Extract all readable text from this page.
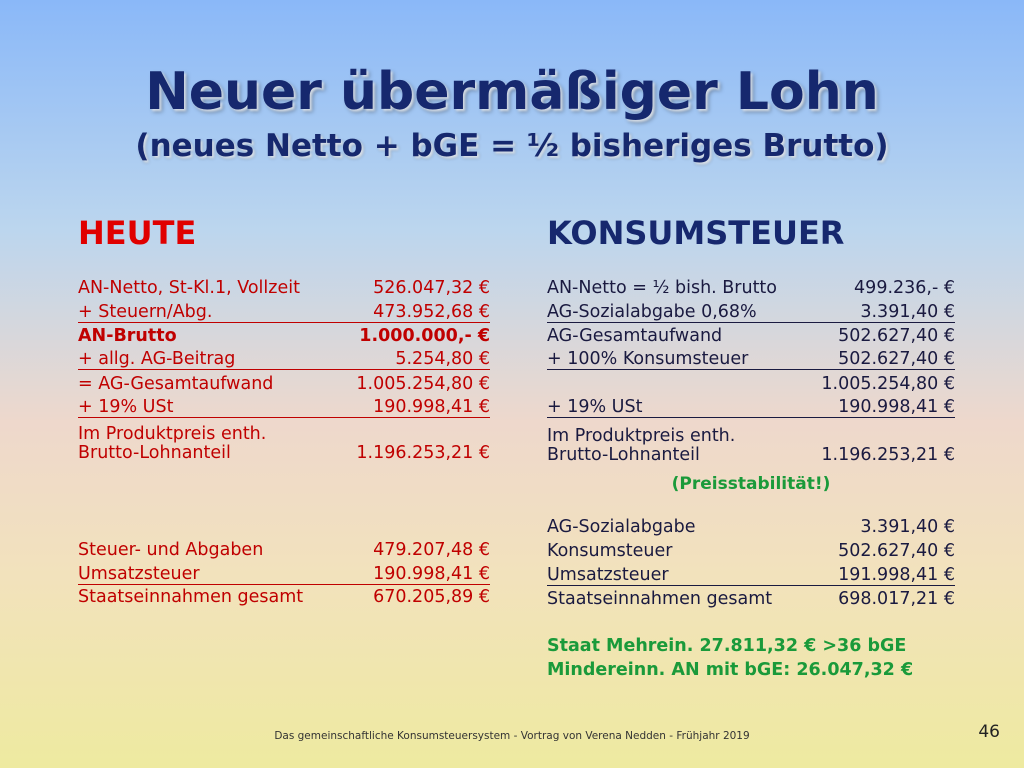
Neuer übermäßiger Lohn
(neues Netto + bGE = ½ bisheriges Brutto)
HEUTE	KONSUMSTEUER
AN-Netto, St-Kl.1, Vollzeit	526.047,32 €
+ Steuern/Abg.	473.952,68 €
AN-Brutto	1.000.000,- €
+ allg. AG-Beitrag	5.254,80 €
= AG-Gesamtaufwand	1.005.254,80 €
+ 19% USt	190.998,41 €
Im Produktpreis enth.
Brutto-Lohnanteil	1.196.253,21 €
Steuer- und Abgaben	479.207,48 €
Umsatzsteuer	190.998,41 €
Staatseinnahmen gesamt	670.205,89 €
AN-Netto = ½ bish. Brutto	499.236,- €
AG-Sozialabgabe 0,68%	3.391,40 €
AG-Gesamtaufwand	502.627,40 €
+ 100% Konsumsteuer	502.627,40 €
1.005.254,80 €
+ 19% USt	190.998,41 €
Im Produktpreis enth.
Brutto-Lohnanteil	1.196.253,21 €
(Preisstabilität!)
AG-Sozialabgabe	3.391,40 €
Konsumsteuer	502.627,40 €
Umsatzsteuer	191.998,41 €
Staatseinnahmen gesamt	698.017,21 €
Staat Mehrein. 27.811,32 € >36 bGE
Mindereinn. AN mit bGE: 26.047,32 €
Das gemeinschaftliche Konsumsteuersystem - Vortrag von Verena Nedden - Frühjahr 2019	46
